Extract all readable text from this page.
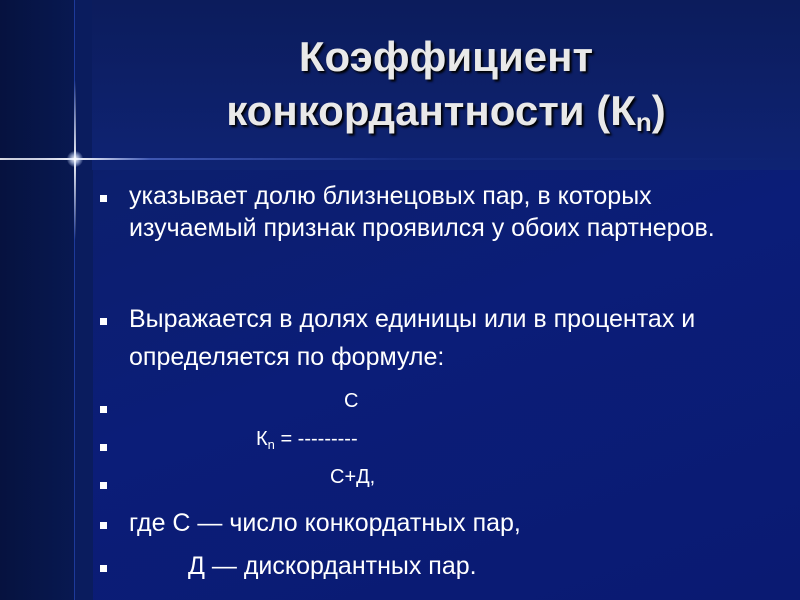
Коэффициент
конкордантности $(К_n)$
указывает долю близнецовых пар, в которых изучаемый признак проявился у обоих партнеров.
Выражается в долях единицы или в процентах и определяется по формуле:
С
$К_n$ = ---------
С+Д,
где С — число конкордатных пар,
Д — дискордантных пар.
